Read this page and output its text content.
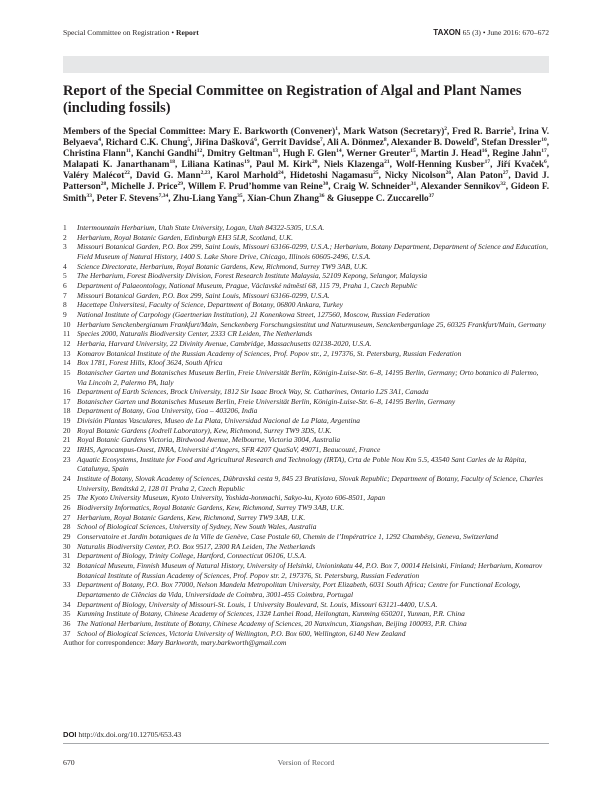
Special Committee on Registration • Report	TAXON 65 (3) • June 2016: 670–672
Report of the Special Committee on Registration of Algal and Plant Names (including fossils)
Members of the Special Committee: Mary E. Barkworth (Convener)$^1$, Mark Watson (Secretary)$^2$, Fred R. Barrie$^3$, Irina V. Belyaeva$^4$, Richard C.K. Chung$^5$, Jiřina Dašková$^6$, Gerrit Davidse$^7$, Ali A. Dönmez$^8$, Alexander B. Doweld$^9$, Stefan Dressler$^{10}$, Christina Flann$^{11}$, Kanchi Gandhi$^{12}$, Dmitry Geltman$^{13}$, Hugh F. Glen$^{14}$, Werner Greuter$^{15}$, Martin J. Head$^{16}$, Regine Jahn$^{17}$, Malapati K. Janarthanam$^{18}$, Liliana Katinas$^{19}$, Paul M. Kirk$^{20}$, Niels Klazenga$^{21}$, Wolf-Henning Kusber$^{17}$, Jiří Kvaček$^6$, Valéry Malécot$^{22}$, David G. Mann$^{2,23}$, Karol Marhold$^{24}$, Hidetoshi Nagamasu$^{25}$, Nicky Nicolson$^{26}$, Alan Paton$^{27}$, David J. Patterson$^{28}$, Michelle J. Price$^{29}$, Willem F. Prud’homme van Reine$^{30}$, Craig W. Schneider$^{31}$, Alexander Sennikov$^{32}$, Gideon F. Smith$^{33}$, Peter F. Stevens$^{7,34}$, Zhu-Liang Yang$^{35}$, Xian-Chun Zhang$^{36}$ & Giuseppe C. Zuccarello$^{37}$
1	Intermountain Herbarium, Utah State University, Logan, Utah 84322-5305, U.S.A.
2	Herbarium, Royal Botanic Garden, Edinburgh EH3 5LR, Scotland, U.K.
3	Missouri Botanical Garden, P.O. Box 299, Saint Louis, Missouri 63166-0299, U.S.A.; Herbarium, Botany Department, Department of Science and Education, Field Museum of Natural History, 1400 S. Lake Shore Drive, Chicago, Illinois 60605-2496, U.S.A.
4	Science Directorate, Herbarium, Royal Botanic Gardens, Kew, Richmond, Surrey TW9 3AB, U.K.
5	The Herbarium, Forest Biodiversity Division, Forest Research Institute Malaysia, 52109 Kepong, Selangor, Malaysia
6	Department of Palaeontology, National Museum, Prague, Václavské náměstí 68, 115 79, Praha 1, Czech Republic
7	Missouri Botanical Garden, P.O. Box 299, Saint Louis, Missouri 63166-0299, U.S.A.
8	Hacettepe Üniversitesi, Faculty of Science, Department of Botany, 06800 Ankara, Turkey
9	National Institute of Carpology (Gaertnerian Institution), 21 Konenkowa Street, 127560, Moscow, Russian Federation
10 Herbarium Senckenbergianum Frankfurt/Main, Senckenberg Forschungsinstitut und Naturmuseum, Senckenberganlage 25, 60325 Frankfurt/Main, Germany
11 Species 2000, Naturalis Biodiversity Center, 2333 CR Leiden, The Netherlands
12 Herbaria, Harvard University, 22 Divinity Avenue, Cambridge, Massachusetts 02138-2020, U.S.A.
13 Komarov Botanical Institute of the Russian Academy of Sciences, Prof. Popov str., 2, 197376, St. Petersburg, Russian Federation
14 Box 1781, Forest Hills, Kloof 3624, South Africa
15 Botanischer Garten und Botanisches Museum Berlin, Freie Universität Berlin, Königin-Luise-Str. 6–8, 14195 Berlin, Germany; Orto botanico di Palermo, Via Lincoln 2, Palermo PA, Italy
16 Department of Earth Sciences, Brock University, 1812 Sir Isaac Brock Way, St. Catharines, Ontario L2S 3A1, Canada
17 Botanischer Garten und Botanisches Museum Berlin, Freie Universität Berlin, Königin-Luise-Str. 6–8, 14195 Berlin, Germany
18 Department of Botany, Goa University, Goa – 403206, India
19 División Plantas Vasculares, Museo de La Plata, Universidad Nacional de La Plata, Argentina
20 Royal Botanic Gardens (Jodrell Laboratory), Kew, Richmond, Surrey TW9 3DS, U.K.
21 Royal Botanic Gardens Victoria, Birdwood Avenue, Melbourne, Victoria 3004, Australia
22 IRHS, Agrocampus-Ouest, INRA, Université d’Angers, SFR 4207 QuaSaV, 49071, Beaucouzé, France
23 Aquatic Ecosystems, Institute for Food and Agricultural Research and Technology (IRTA), Crta de Poble Nou Km 5.5, 43540 Sant Carles de la Ràpita, Catalunya, Spain
24 Institute of Botany, Slovak Academy of Sciences, Dúbravská cesta 9, 845 23 Bratislava, Slovak Republic; Department of Botany, Faculty of Science, Charles University, Benátská 2, 128 01 Praha 2, Czech Republic
25 The Kyoto University Museum, Kyoto University, Yoshida-honmachi, Sakyo-ku, Kyoto 606-8501, Japan
26 Biodiversity Informatics, Royal Botanic Gardens, Kew, Richmond, Surrey TW9 3AB, U.K.
27 Herbarium, Royal Botanic Gardens, Kew, Richmond, Surrey TW9 3AB, U.K.
28 School of Biological Sciences, University of Sydney, New South Wales, Australia
29 Conservatoire et Jardin botaniques de la Ville de Genève, Case Postale 60, Chemin de l’Impératrice 1, 1292 Chambésy, Geneva, Switzerland
30 Naturalis Biodiversity Center, P.O. Box 9517, 2300 RA Leiden, The Netherlands
31 Department of Biology, Trinity College, Hartford, Connecticut 06106, U.S.A.
32 Botanical Museum, Finnish Museum of Natural History, University of Helsinki, Unioninkatu 44, P.O. Box 7, 00014 Helsinki, Finland; Herbarium, Komarov Botanical Institute of Russian Academy of Sciences, Prof. Popov str. 2, 197376, St. Petersburg, Russian Federation
33 Department of Botany, P.O. Box 77000, Nelson Mandela Metropolitan University, Port Elizabeth, 6031 South Africa; Centre for Functional Ecology, Departamento de Ciências da Vida, Universidade de Coimbra, 3001-455 Coimbra, Portugal
34 Department of Biology, University of Missouri-St. Louis, 1 University Boulevard, St. Louis, Missouri 63121-4400, U.S.A.
35 Kunming Institute of Botany, Chinese Academy of Sciences, 132# Lanhei Road, Heilongtan, Kunming 650201, Yunnan, P.R. China
36 The National Herbarium, Institute of Botany, Chinese Academy of Sciences, 20 Nanxincun, Xiangshan, Beijing 100093, P.R. China
37 School of Biological Sciences, Victoria University of Wellington, P.O. Box 600, Wellington, 6140 New Zealand
Author for correspondence: Mary Barkworth, mary.barkworth@gmail.com
DOI http://dx.doi.org/10.12705/653.43
670	Version of Record
